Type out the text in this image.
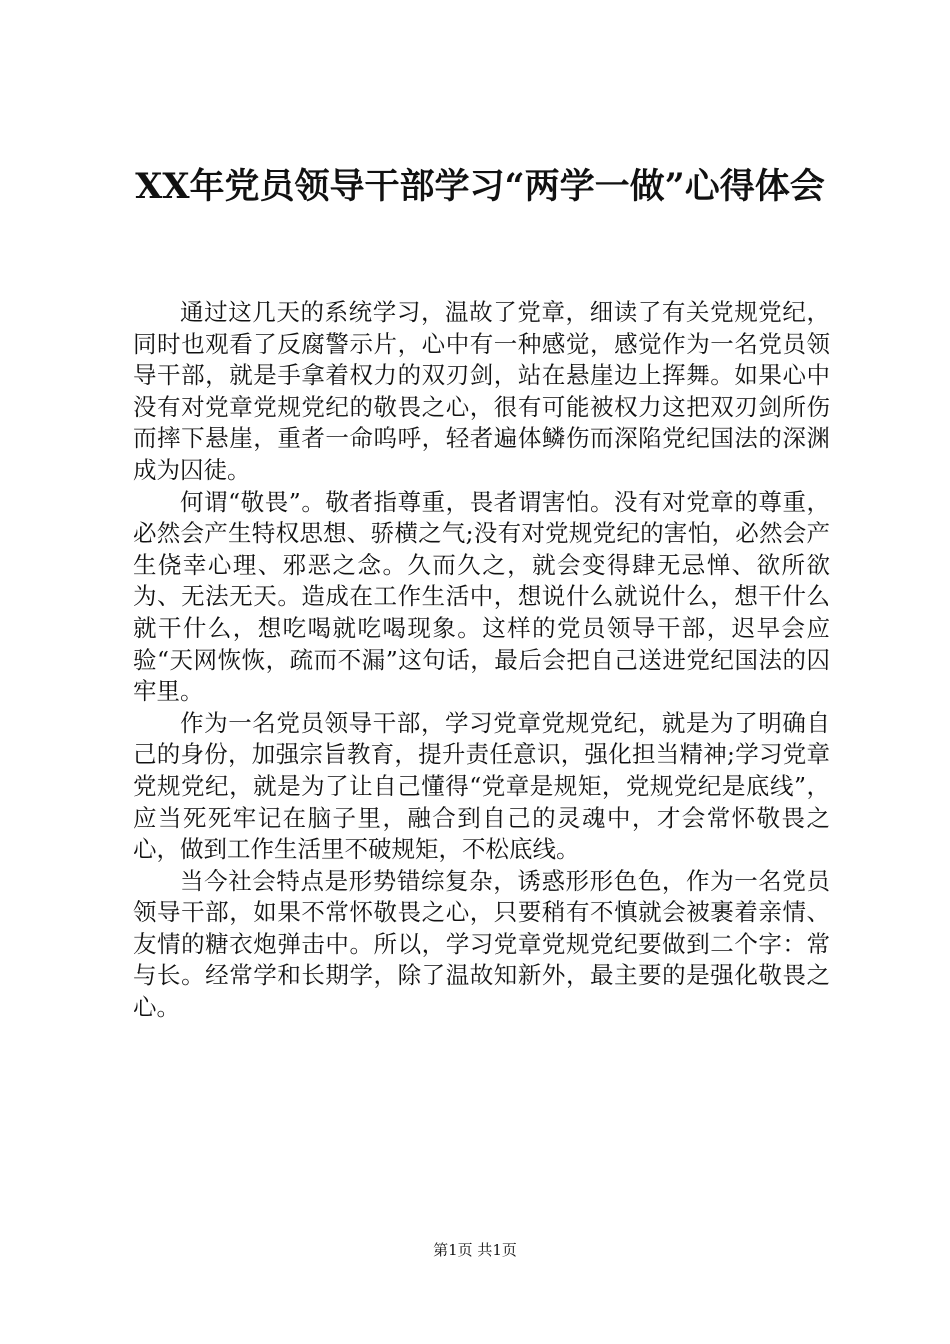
XX年党员领导干部学习“两学一做”心得体会

通过这几天的系统学习，温故了党章，细读了有关党规党纪，同时也观看了反腐警示片，心中有一种感觉，感觉作为一名党员领导干部，就是手拿着权力的双刃剑，站在悬崖边上挥舞。如果心中没有对党章党规党纪的敬畏之心，很有可能被权力这把双刃剑所伤而摔下悬崖，重者一命呜呼，轻者遍体鳞伤而深陷党纪国法的深渊成为囚徒。

何谓“敬畏”。敬者指尊重，畏者谓害怕。没有对党章的尊重，必然会产生特权思想、骄横之气;没有对党规党纪的害怕，必然会产生侥幸心理、邪恶之念。久而久之，就会变得肆无忌惮、欲所欲为、无法无天。造成在工作生活中，想说什么就说什么，想干什么就干什么，想吃喝就吃喝现象。这样的党员领导干部，迟早会应验“天网恢恢，疏而不漏”这句话，最后会把自己送进党纪国法的囚牢里。

作为一名党员领导干部，学习党章党规党纪，就是为了明确自己的身份，加强宗旨教育，提升责任意识，强化担当精神;学习党章党规党纪，就是为了让自己懂得“党章是规矩，党规党纪是底线”，应当死死牢记在脑子里，融合到自己的灵魂中，才会常怀敬畏之心，做到工作生活里不破规矩，不松底线。

当今社会特点是形势错综复杂，诱惑形形色色，作为一名党员领导干部，如果不常怀敬畏之心，只要稍有不慎就会被裹着亲情、友情的糖衣炮弹击中。所以，学习党章党规党纪要做到二个字：常与长。经常学和长期学，除了温故知新外，最主要的是强化敬畏之心。

第1页 共1页
